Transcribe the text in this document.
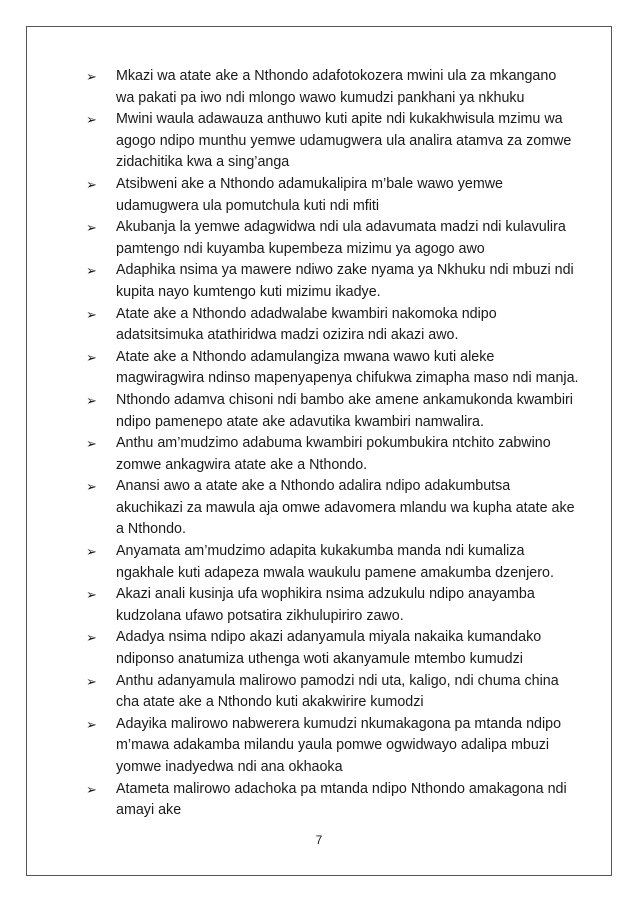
➢	Mkazi wa atate ake a Nthondo adafotokozera mwini ula za mkangano
wa pakati pa iwo ndi mlongo wawo kumudzi pankhani ya nkhuku
➢	Mwini waula adawauza anthuwo kuti apite ndi kukakhwisula mzimu wa
agogo ndipo munthu yemwe udamugwera ula analira atamva za zomwe
zidachitika kwa a sing’anga
➢	Atsibweni ake a Nthondo adamukalipira m’bale wawo yemwe
udamugwera ula pomutchula kuti ndi mfiti
➢	Akubanja la yemwe adagwidwa ndi ula adavumata madzi ndi kulavulira
pamtengo ndi kuyamba kupembeza mizimu ya agogo awo
➢	Adaphika nsima ya mawere ndiwo zake nyama ya Nkhuku ndi mbuzi ndi
kupita nayo kumtengo kuti mizimu ikadye.
➢	Atate ake a Nthondo adadwalabe kwambiri nakomoka ndipo
adatsitsimuka atathiridwa madzi ozizira ndi akazi awo.
➢	Atate ake a Nthondo adamulangiza mwana wawo kuti aleke
magwiragwira ndinso mapenyapenya chifukwa zimapha maso ndi manja.
➢	Nthondo adamva chisoni ndi bambo ake amene ankamukonda kwambiri
ndipo pamenepo atate ake adavutika kwambiri namwalira.
➢	Anthu am’mudzimo adabuma kwambiri pokumbukira ntchito zabwino
zomwe ankagwira atate ake a Nthondo.
➢	Anansi awo a atate ake a Nthondo adalira ndipo adakumbutsa
akuchikazi za mawula aja omwe adavomera mlandu wa kupha atate ake
a Nthondo.
➢	Anyamata am’mudzimo adapita kukakumba manda ndi kumaliza
ngakhale kuti adapeza mwala waukulu pamene amakumba dzenjero.
➢	Akazi anali kusinja ufa wophikira nsima adzukulu ndipo anayamba
kudzolana ufawo potsatira zikhulupiriro zawo.
➢	Adadya nsima ndipo akazi adanyamula miyala nakaika kumandako
ndiponso anatumiza uthenga woti akanyamule mtembo kumudzi
➢	Anthu adanyamula malirowo pamodzi ndi uta, kaligo, ndi chuma china
cha atate ake a Nthondo kuti akakwirire kumodzi
➢	Adayika malirowo nabwerera kumudzi nkumakagona pa mtanda ndipo
m’mawa adakamba milandu yaula pomwe ogwidwayo adalipa mbuzi
yomwe inadyedwa ndi ana okhaoka
➢	Atameta malirowo adachoka pa mtanda ndipo Nthondo amakagona ndi
amayi ake
7
